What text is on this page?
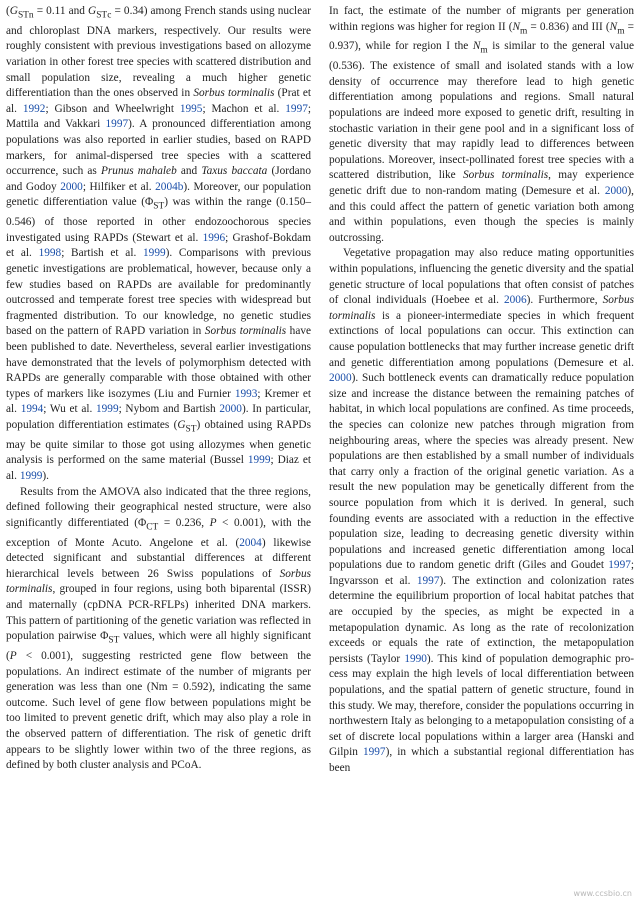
($G_{STn} = 0.11$ and $G_{STc} = 0.34$) among French stands using nuclear and chloroplast DNA markers, respectively. Our results were roughly consistent with previous investigations based on allozyme variation in other forest tree species with scattered distribution and small population size, revealing a much higher genetic differentiation than the ones observed in Sorbus torminalis (Prat et al. 1992; Gibson and Wheelwright 1995; Machon et al. 1997; Mattila and Vakkari 1997). A pronounced differentiation among populations was also reported in earlier studies, based on RAPD markers, for animal-dispersed tree species with a scattered occurrence, such as Prunus mahaleb and Taxus baccata (Jordano and Godoy 2000; Hilfiker et al. 2004b). Moreover, our population genetic differentiation value $(\Phi_{ST})$ was within the range (0.150–0.546) of those reported in other endozoochorous species investigated using RAPDs (Stewart et al. 1996; Grashof-Bokdam et al. 1998; Bartish et al. 1999). Comparisons with previous genetic investigations are problematical, however, because only a few studies based on RAPDs are available for predominantly outcrossed and temperate forest tree species with widespread but fragmented distribution. To our knowledge, no genetic studies based on the pattern of RAPD variation in Sorbus torminalis have been published to date. Nevertheless, several earlier investigations have demonstrated that the levels of polymorphism detected with RAPDs are generally comparable with those obtained with other types of markers like isozymes (Liu and Furnier 1993; Kremer et al. 1994; Wu et al. 1999; Nybom and Bartish 2000). In particular, population differentiation estimates $(G_{ST})$ obtained using RAPDs may be quite similar to those got using allozymes when genetic analysis is performed on the same material (Bussel 1999; Diaz et al. 1999).

Results from the AMOVA also indicated that the three regions, defined following their geographical nested structure, were also significantly differentiated ($\Phi_{CT} = 0.236$, P < 0.001), with the exception of Monte Acuto. Angelone et al. (2004) likewise detected significant and substantial differences at different hierarchical levels between 26 Swiss populations of Sorbus torminalis, grouped in four regions, using both biparental (ISSR) and maternally (cpDNA PCR-RFLPs) inherited DNA markers. This pattern of partitioning of the genetic variation was reflected in population pairwise $\Phi_{ST}$ values, which were all highly significant (P < 0.001), suggesting restricted gene flow between the populations. An indirect estimate of the number of migrants per generation was less than one (Nm = 0.592), indicating the same outcome. Such level of gene flow between populations might be too limited to prevent genetic drift, which may also play a role in the observed pattern of differentiation. The risk of genetic drift appears to be slightly lower within two of the three regions, as defined by both cluster analysis and PCoA.

In fact, the estimate of the number of migrants per generation within regions was higher for region II $(N_m = 0.836)$ and III $(N_m = 0.937)$, while for region I the $N_m$ is similar to the general value (0.536). The existence of small and isolated stands with a low density of occurrence may therefore lead to high genetic differentiation among populations and regions. Small natural populations are indeed more exposed to genetic drift, resulting in stochastic variation in their gene pool and in a significant loss of genetic diversity that may rapidly lead to differences between populations. Moreover, insect-pollinated forest tree species with a scattered distribution, like Sorbus torminalis, may experience genetic drift due to non-random mating (Demesure et al. 2000), and this could affect the pattern of genetic variation both among and within populations, even though the species is mainly outcrossing.

Vegetative propagation may also reduce mating opportunities within populations, influencing the genetic diversity and the spatial genetic structure of local populations that often consist of patches of clonal individuals (Hoebee et al. 2006). Furthermore, Sorbus torminalis is a pioneer-intermediate species in which frequent extinctions of local populations can occur. This extinction can cause population bottlenecks that may further increase genetic drift and genetic differentiation among populations (Demesure et al. 2000). Such bottleneck events can dramatically reduce population size and increase the distance between the remaining patches of habitat, in which local populations are confined. As time proceeds, the species can colonize new patches through migration from neighbouring areas, where the species was already present. New populations are then established by a small number of individuals that carry only a fraction of the original genetic variation. As a result the new population may be genetically different from the source population from which it is derived. In general, such founding events are associated with a reduction in the effective population size, leading to decreasing genetic diversity within populations and increased genetic differentiation among local populations due to random genetic drift (Giles and Goudet 1997; Ingvarsson et al. 1997). The extinction and colonization rates determine the equilibrium proportion of local habitat patches that are occupied by the species, as might be expected in a metapopulation dynamic. As long as the rate of recolonization exceeds or equals the rate of extinction, the metapopulation persists (Taylor 1990). This kind of population demographic process may explain the high levels of local differentiation between populations, and the spatial pattern of genetic structure, found in this study. We may, therefore, consider the populations occurring in northwestern Italy as belonging to a metapopulation consisting of a set of discrete local populations within a larger area (Hanski and Gilpin 1997), in which a substantial regional differentiation has been

www.ccsbio.cn
